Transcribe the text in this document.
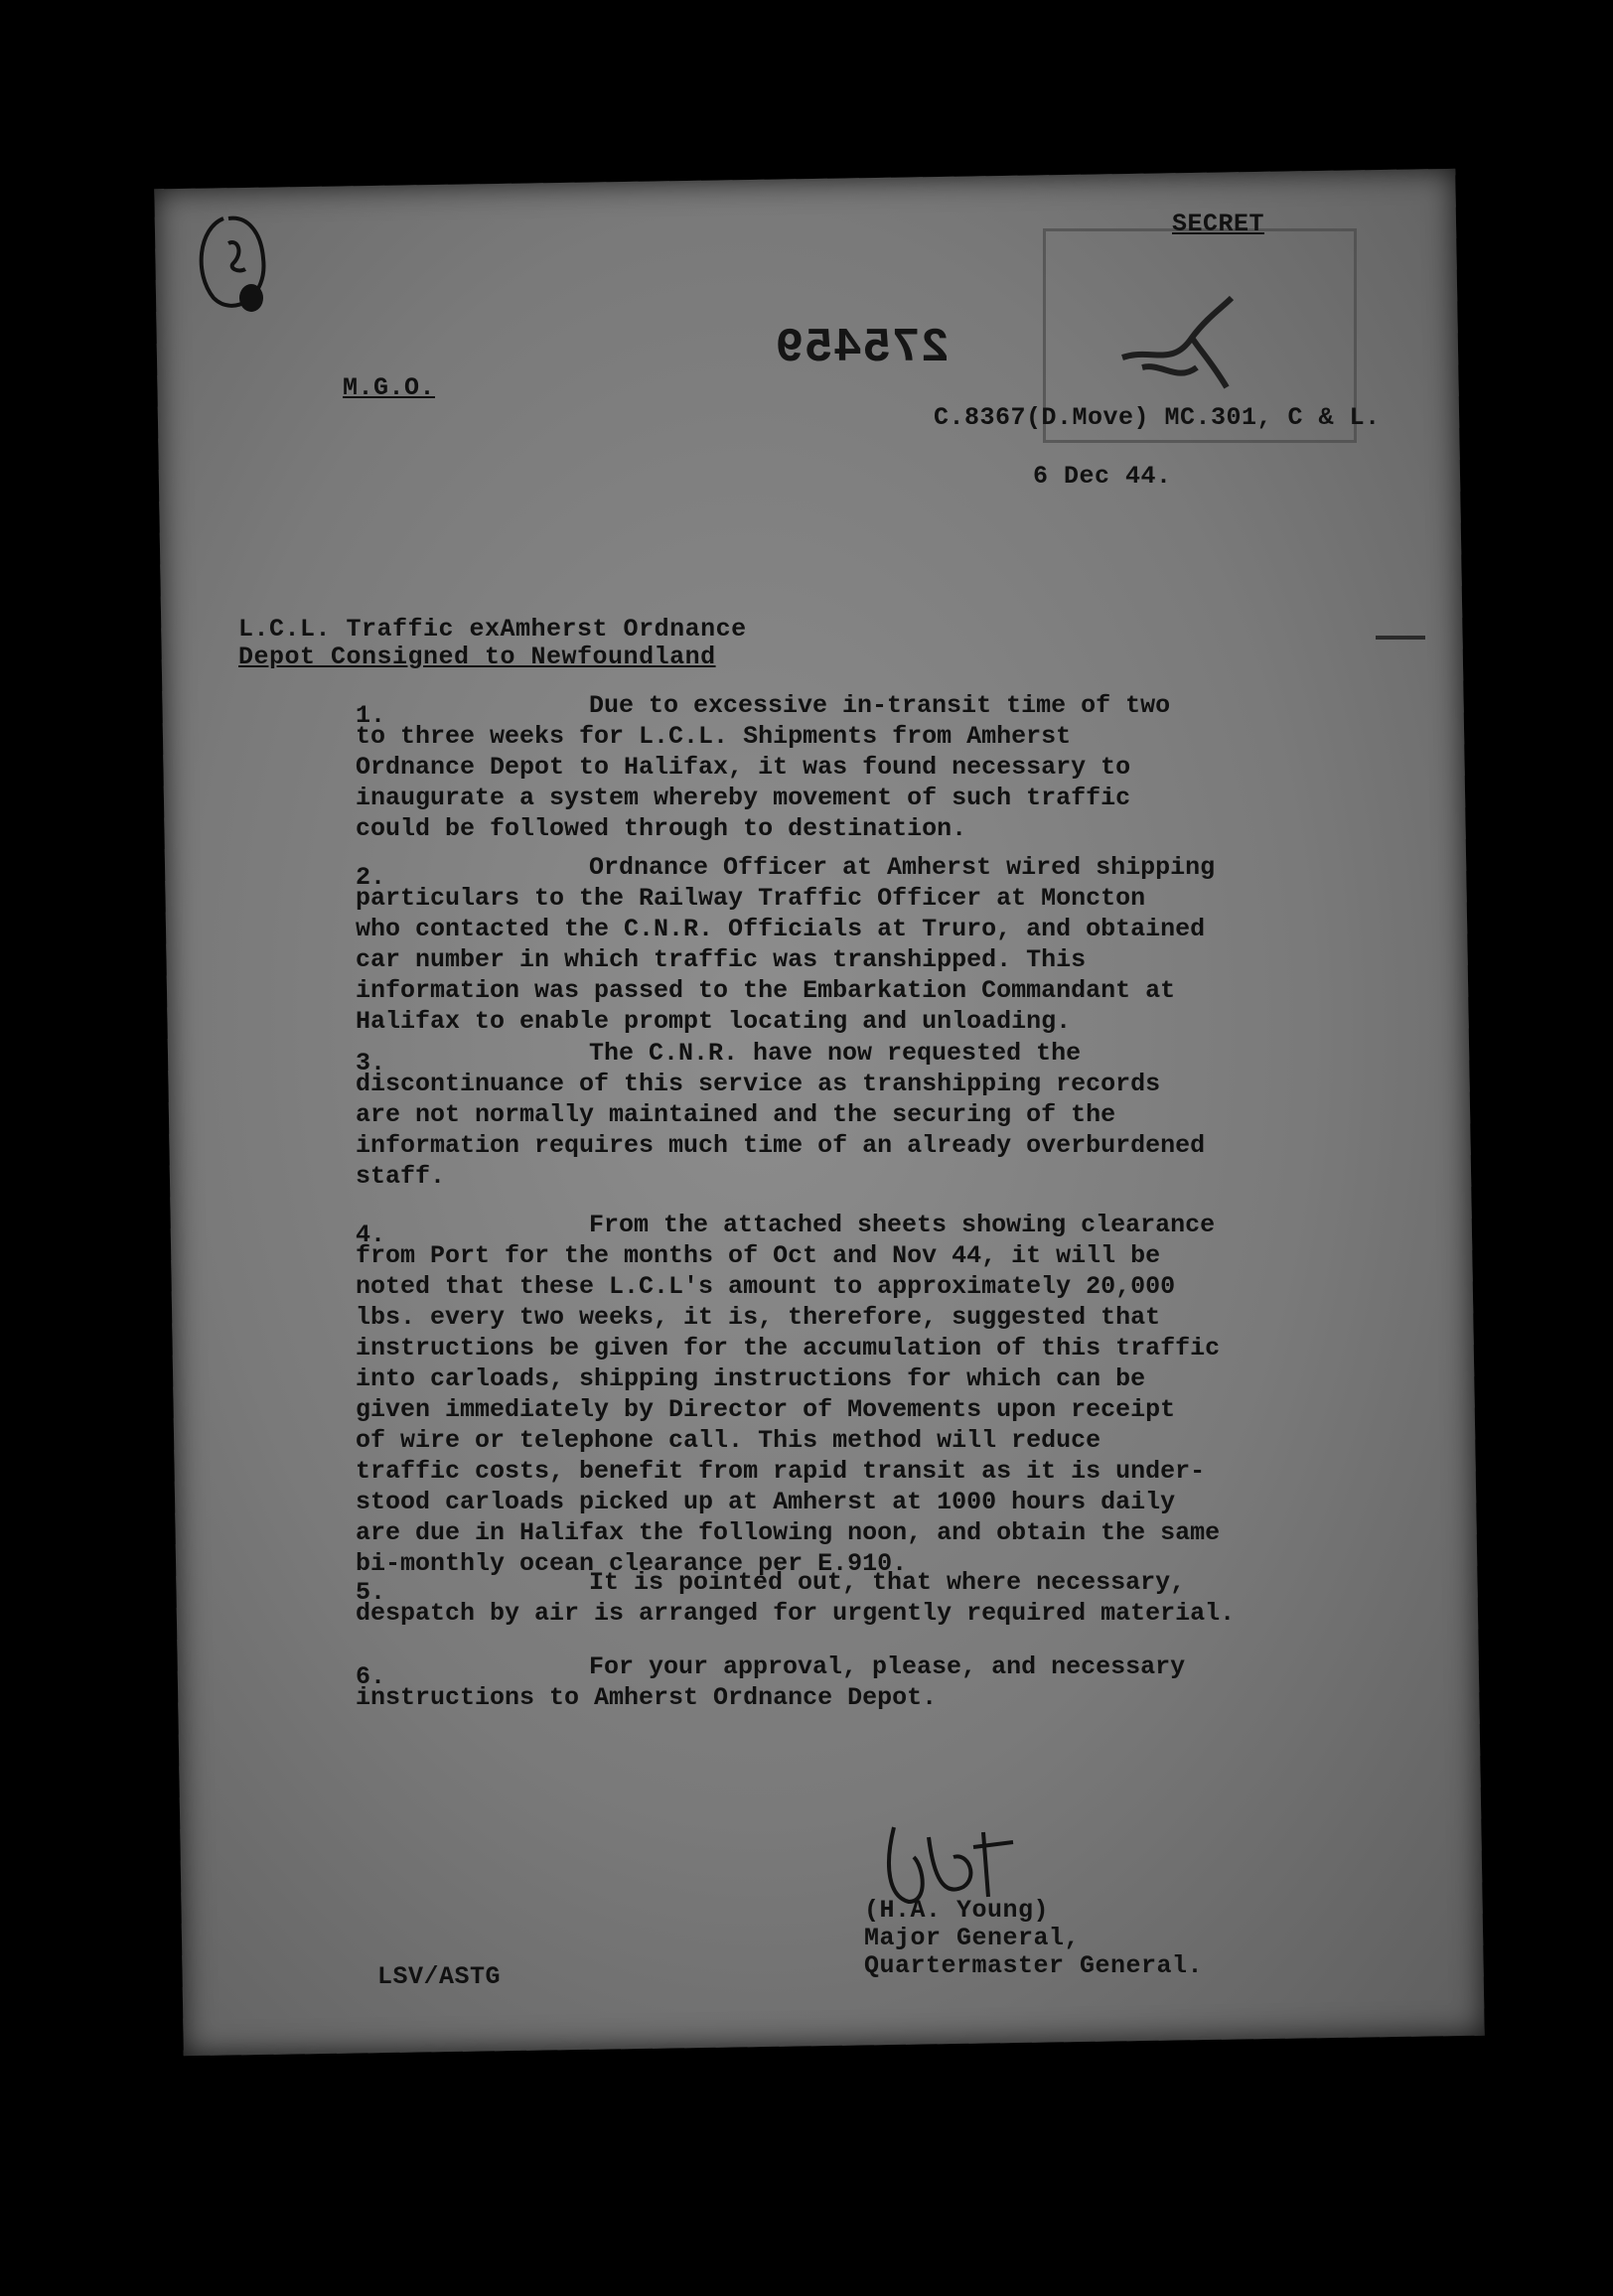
SECRET
275459
M.G.O.
C.8367(D.Move) MC.301, C & L.
6 Dec 44.
L.C.L. Traffic exAmherst Ordnance
Depot Consigned to Newfoundland
1.	Due to excessive in-transit time of two
to three weeks for L.C.L. Shipments from Amherst
Ordnance Depot to Halifax, it was found necessary to
inaugurate a system whereby movement of such traffic
could be followed through to destination.
2.	Ordnance Officer at Amherst wired shipping
particulars to the Railway Traffic Officer at Moncton
who contacted the C.N.R. Officials at Truro, and obtained
car number in which traffic was transhipped. This
information was passed to the Embarkation Commandant at
Halifax to enable prompt locating and unloading.
3.	The C.N.R. have now requested the
discontinuance of this service as transhipping records
are not normally maintained and the securing of the
information requires much time of an already overburdened
staff.
4.	From the attached sheets showing clearance
from Port for the months of Oct and Nov 44, it will be
noted that these L.C.L's amount to approximately 20,000
lbs. every two weeks, it is, therefore, suggested that
instructions be given for the accumulation of this traffic
into carloads, shipping instructions for which can be
given immediately by Director of Movements upon receipt
of wire or telephone call. This method will reduce
traffic costs, benefit from rapid transit as it is under-
stood carloads picked up at Amherst at 1000 hours daily
are due in Halifax the following noon, and obtain the same
bi-monthly ocean clearance per E.910.
5.	It is pointed out, that where necessary,
despatch by air is arranged for urgently required material.
6.	For your approval, please, and necessary
instructions to Amherst Ordnance Depot.
(H.A. Young)
Major General,
Quartermaster General.
LSV/ASTG
